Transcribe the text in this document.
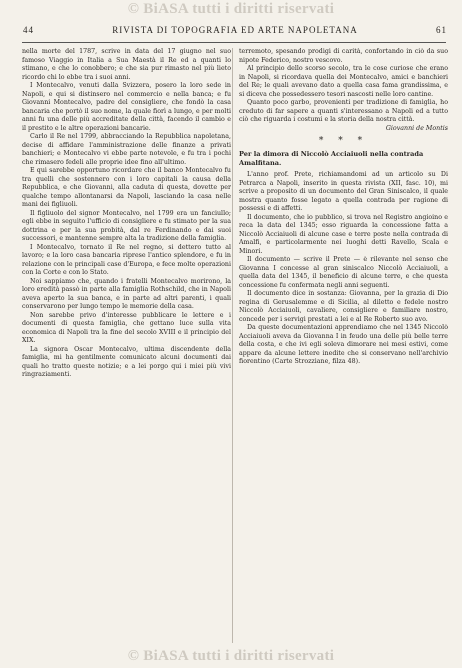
© BiASA tutti i diritti riservati
44	RIVISTA DI TOPOGRAFIA ED ARTE NAPOLETANA	61

nella morte del 1787, scrive in data del 17 giugno nel suo famoso Viaggio in Italia a Sua Maestà il Re ed a quanti lo stimano, e che lo conobbero; e che sia pur rimasto nel più lieto ricordo chi lo ebbe tra i suoi anni.

I Montecalvo, venuti dalla Svizzera, posero la loro sede in Napoli, e qui si distinsero nel commercio e nella banca; e fu Giovanni Montecalvo, padre del consigliere, che fondò la casa bancaria che portò il suo nome, la quale fiorì a lungo, e per molti anni fu una delle più accreditate della città, facendo il cambio e il prestito e le altre operazioni bancarie.

Carlo il Re nel 1799, abbracciando la Repubblica napoletana, decise di affidare l'amministrazione delle finanze a privati banchieri; e Montecalvo vi ebbe parte notevole, e fu tra i pochi che rimasero fedeli alle proprie idee fino all'ultimo.

E qui sarebbe opportuno ricordare che il banco Montecalvo fu tra quelli che sostennero con i loro capitali la causa della Repubblica, e che Giovanni, alla caduta di questa, dovette per qualche tempo allontanarsi da Napoli, lasciando la casa nelle mani dei figliuoli.

Il figliuolo del signor Montecalvo, nel 1799 era un fanciullo; egli ebbe in seguito l'ufficio di consigliere e fu stimato per la sua dottrina e per la sua probità, dal re Ferdinando e dai suoi successori, e mantenne sempre alta la tradizione della famiglia.

I Montecalvo, tornato il Re nel regno, si dettero tutto al lavoro; e la loro casa bancaria riprese l'antico splendore, e fu in relazione con le principali case d'Europa, e fece molte operazioni con la Corte e con lo Stato.

Noi sappiamo che, quando i fratelli Montecalvo morirono, la loro eredità passò in parte alla famiglia Rothschild, che in Napoli aveva aperto la sua banca, e in parte ad altri parenti, i quali conservarono per lungo tempo le memorie della casa.

Non sarebbe privo d'interesse pubblicare le lettere e i documenti di questa famiglia, che gettano luce sulla vita economica di Napoli tra la fine del secolo XVIII e il principio del XIX.

La signora Oscar Montecalvo, ultima discendente della famiglia, mi ha gentilmente comunicato alcuni documenti dai quali ho tratto queste notizie; e a lei porgo qui i miei più vivi ringraziamenti.

terremoto, spesando prodigi di carità, confortando in ciò da suo nipote Federico, nostro vescovo.

Al principio dello scorso secolo, tra le cose curiose che erano in Napoli, si ricordava quella dei Montecalvo, amici e banchieri del Re; le quali avevano dato a quella casa fama grandissima, e si diceva che possedessero tesori nascosti nelle loro cantine.

Quanto poco garbo, provenienti per tradizione di famiglia, ho creduto di far sapere a quanti s'interessano a Napoli ed a tutto ciò che riguarda i costumi e la storia della nostra città.

Giovanni de Montis

* * *

Per la dimora di Niccolò Acciaiuoli nella contrada Amalfitana.

L'anno prof. Prete, richiamandomi ad un articolo su Di Petrarca a Napoli, inserito in questa rivista (XII, fasc. 10), mi scrive a proposito di un documento del Gran Siniscalco, il quale mostra quanto fosse legato a quella contrada per ragione di possessi e di affetti.

Il documento, che io pubblico, si trova nel Registro angioino e reca la data del 1345; esso riguarda la concessione fatta a Niccolò Acciaiuoli di alcune case e terre poste nella contrada di Amalfi, e particolarmente nei luoghi detti Ravello, Scala e Minori.

Il documento — scrive il Prete — è rilevante nel senso che Giovanna I concesse al gran siniscalco Niccolò Acciaiuoli, a quella data del 1345, il beneficio di alcune terre, e che questa concessione fu confermata negli anni seguenti.

Il documento dice in sostanza: Giovanna, per la grazia di Dio regina di Gerusalemme e di Sicilia, al diletto e fedele nostro Niccolò Acciaiuoli, cavaliere, consigliere e familiare nostro, concede per i servigi prestati a lei e al Re Roberto suo avo.

Da queste documentazioni apprendiamo che nel 1345 Niccolò Acciaiuoli aveva da Giovanna I in feudo una delle più belle terre della costa, e che ivi egli soleva dimorare nei mesi estivi, come appare da alcune lettere inedite che si conservano nell'archivio fiorentino (Carte Strozziane, filza 48).

© BiASA tutti i diritti riservati
